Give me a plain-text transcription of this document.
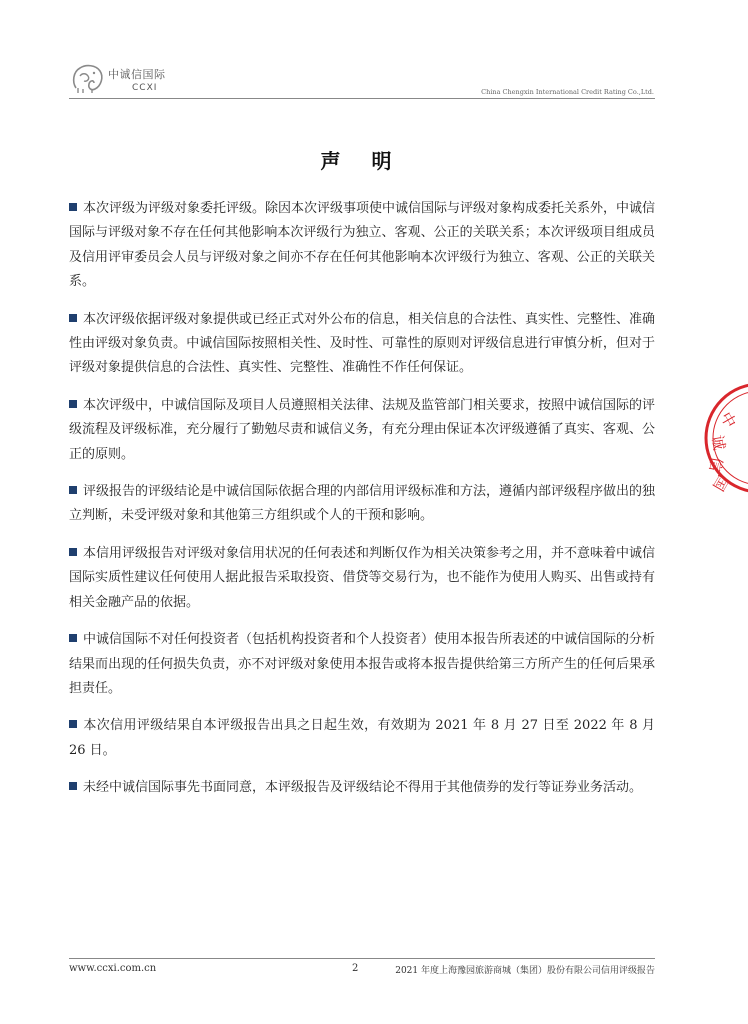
中诚信国际
CCXI	China Chengxin International Credit Rating Co.,Ltd.
声 明

本次评级为评级对象委托评级。除因本次评级事项使中诚信国际与评级对象构成委托关系外，中诚信国际与评级对象不存在任何其他影响本次评级行为独立、客观、公正的关联关系；本次评级项目组成员及信用评审委员会人员与评级对象之间亦不存在任何其他影响本次评级行为独立、客观、公正的关联关系。

本次评级依据评级对象提供或已经正式对外公布的信息，相关信息的合法性、真实性、完整性、准确性由评级对象负责。中诚信国际按照相关性、及时性、可靠性的原则对评级信息进行审慎分析，但对于评级对象提供信息的合法性、真实性、完整性、准确性不作任何保证。

本次评级中，中诚信国际及项目人员遵照相关法律、法规及监管部门相关要求，按照中诚信国际的评级流程及评级标准，充分履行了勤勉尽责和诚信义务，有充分理由保证本次评级遵循了真实、客观、公正的原则。

评级报告的评级结论是中诚信国际依据合理的内部信用评级标准和方法，遵循内部评级程序做出的独立判断，未受评级对象和其他第三方组织或个人的干预和影响。

本信用评级报告对评级对象信用状况的任何表述和判断仅作为相关决策参考之用，并不意味着中诚信国际实质性建议任何使用人据此报告采取投资、借贷等交易行为，也不能作为使用人购买、出售或持有相关金融产品的依据。

中诚信国际不对任何投资者（包括机构投资者和个人投资者）使用本报告所表述的中诚信国际的分析结果而出现的任何损失负责，亦不对评级对象使用本报告或将本报告提供给第三方所产生的任何后果承担责任。

本次信用评级结果自本评级报告出具之日起生效，有效期为 2021 年 8 月 27 日至 2022 年 8 月 26 日。

未经中诚信国际事先书面同意，本评级报告及评级结论不得用于其他债券的发行等证券业务活动。

中
诚
信
国
www.ccxi.com.cn	2	2021 年度上海豫园旅游商城（集团）股份有限公司信用评级报告
